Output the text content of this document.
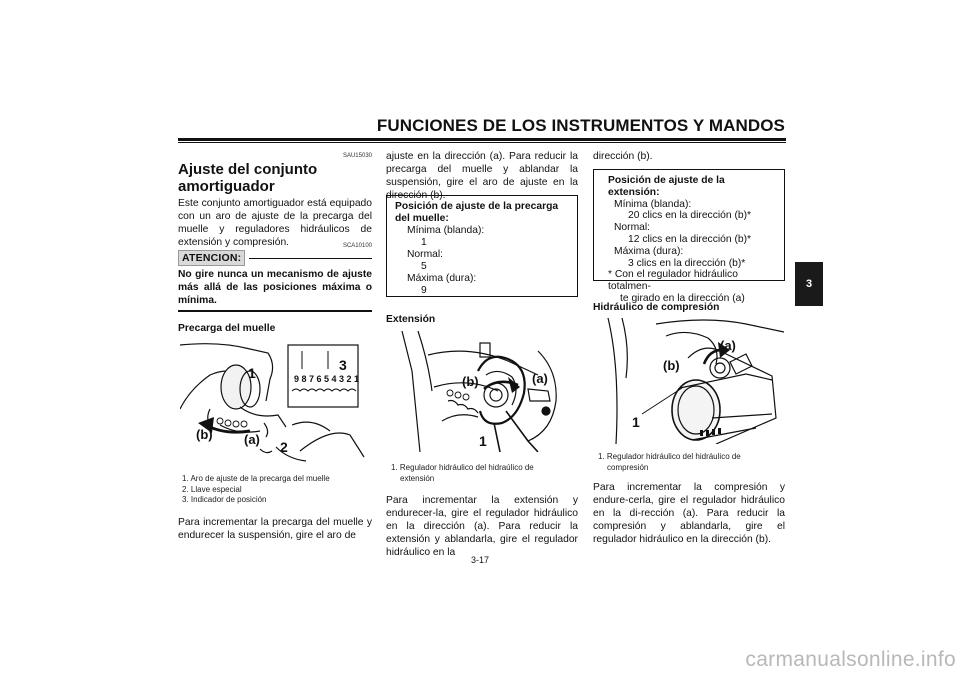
FUNCIONES DE LOS INSTRUMENTOS Y MANDOS
3
SAU15030
Ajuste del conjunto amortiguador
Este conjunto amortiguador está equipado con un aro de ajuste de la precarga del muelle y reguladores hidráulicos de extensión y compresión.	SCA10100
ATENCION:
No gire nunca un mecanismo de ajuste más allá de las posiciones máxima o mínima.
Precarga del muelle
1
2
3
9 8 7 6 5 4 3 2 1
(a)
(b)
1. Aro de ajuste de la precarga del muelle
2. Llave especial
3. Indicador de posición
Para incrementar la precarga del muelle y endurecer la suspensión, gire el aro de
ajuste en la dirección (a). Para reducir la precarga del muelle y ablandar la suspensión, gire el aro de ajuste en la dirección (b).
Posición de ajuste de la precarga del muelle:
Mínima (blanda):
1
Normal:
5
Máxima (dura):
9
Extensión
1
(a)
(b)
1. Regulador hidráulico del hidraúlico de
extensión
Para incrementar la extensión y endurecer-la, gire el regulador hidráulico en la dirección (a). Para reducir la extensión y ablandarla, gire el regulador hidráulico en la
dirección (b).
Posición de ajuste de la extensión:
Mínima (blanda):
20 clics en la dirección (b)*
Normal:
12 clics en la dirección (b)*
Máxima (dura):
3 clics en la dirección (b)*
* Con el regulador hidráulico totalmen-
te girado en la dirección (a)
Hidráulico de compresión
1
(a)
(b)
1. Regulador hidráulico del hidráulico de
compresión
Para incrementar la compresión y endure-cerla, gire el regulador hidráulico en la di-rección (a). Para reducir la compresión y ablandarla, gire el regulador hidráulico en la dirección (b).
3-17
carmanualsonline.info
